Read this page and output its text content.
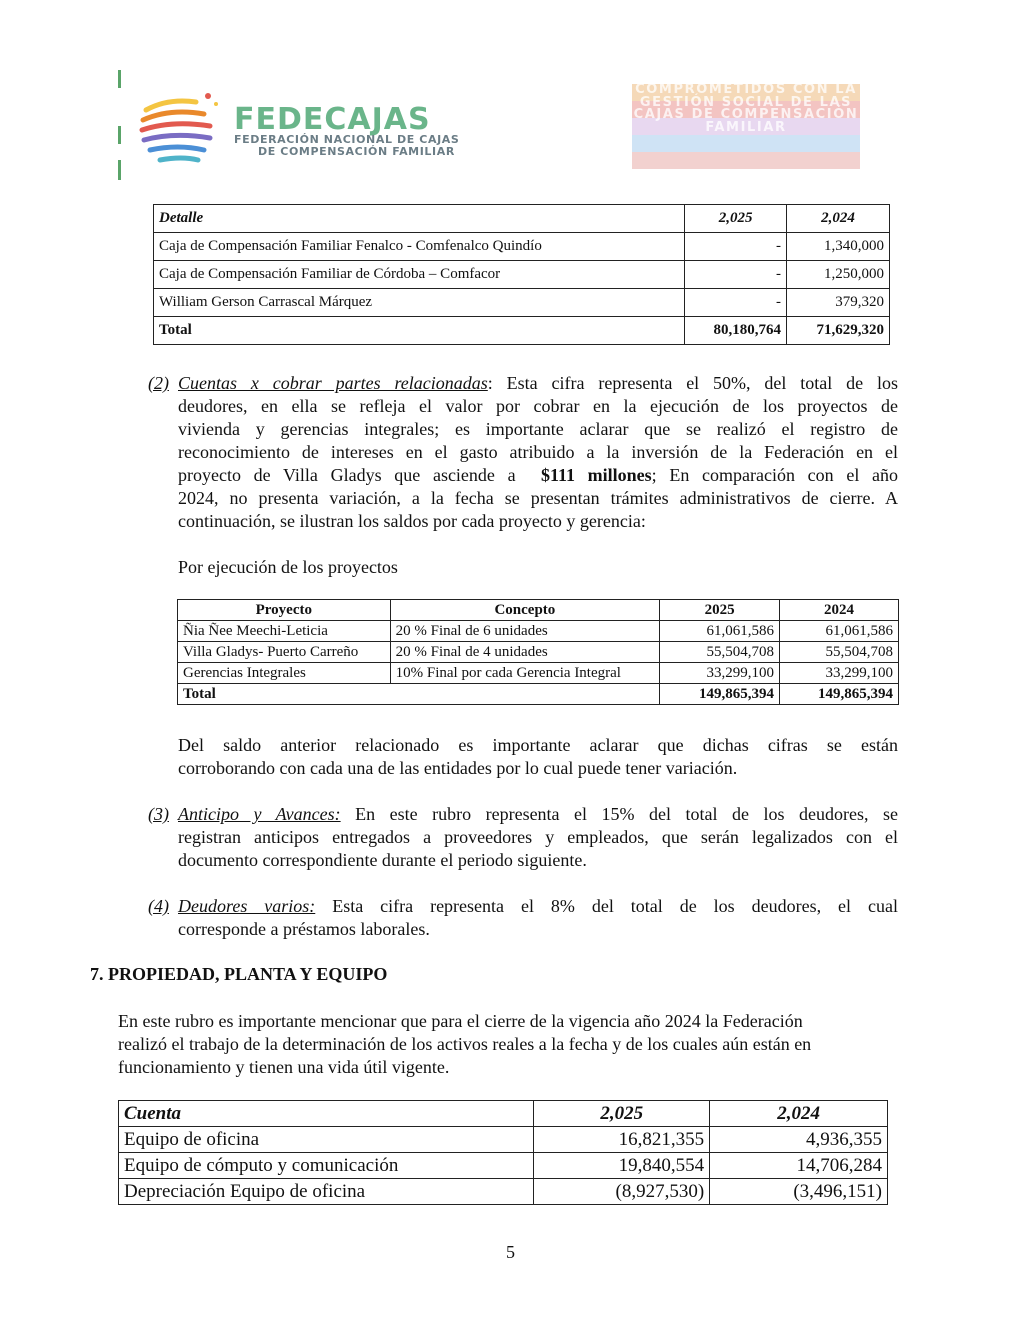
FEDECAJAS
FEDERACIÓN NACIONAL DE CAJAS
DE COMPENSACIÓN FAMILIAR
COMPROMETIDOS CON LA GESTIÓN SOCIAL DE LAS CAJAS DE COMPENSACIÓN FAMILIAR
Detalle	2,025	2,024
Caja de Compensación Familiar Fenalco - Comfenalco Quindío	-	1,340,000
Caja de Compensación Familiar de Córdoba – Comfacor	-	1,250,000
William Gerson Carrascal Márquez	-	379,320
Total	80,180,764	71,629,320
(2) Cuentas x cobrar partes relacionadas: Esta cifra representa el 50%, del total de los
deudores, en ella se refleja el valor por cobrar en la ejecución de los proyectos de
vivienda y gerencias integrales; es importante aclarar que se realizó el registro de
reconocimiento de intereses en el gasto atribuido a la inversión de la Federación en el
proyecto de Villa Gladys que asciende a $111 millones; En comparación con el año
2024, no presenta variación, a la fecha se presentan trámites administrativos de cierre. A
continuación, se ilustran los saldos por cada proyecto y gerencia:
Por ejecución de los proyectos
Proyecto	Concepto	2025	2024
Ñia Ñee Meechi-Leticia	20 % Final de 6 unidades	61,061,586	61,061,586
Villa Gladys- Puerto Carreño	20 % Final de 4 unidades	55,504,708	55,504,708
Gerencias Integrales	10% Final por cada Gerencia Integral	33,299,100	33,299,100
Total		149,865,394	149,865,394
Del saldo anterior relacionado es importante aclarar que dichas cifras se están
corroborando con cada una de las entidades por lo cual puede tener variación.
(3) Anticipo y Avances: En este rubro representa el 15% del total de los deudores, se
registran anticipos entregados a proveedores y empleados, que serán legalizados con el
documento correspondiente durante el periodo siguiente.
(4) Deudores varios: Esta cifra representa el 8% del total de los deudores, el cual
corresponde a préstamos laborales.
7. PROPIEDAD, PLANTA Y EQUIPO
En este rubro es importante mencionar que para el cierre de la vigencia año 2024 la Federación
realizó el trabajo de la determinación de los activos reales a la fecha y de los cuales aún están en
funcionamiento y tienen una vida útil vigente.
Cuenta	2,025	2,024
Equipo de oficina	16,821,355	4,936,355
Equipo de cómputo y comunicación	19,840,554	14,706,284
Depreciación Equipo de oficina	(8,927,530)	(3,496,151)
5
